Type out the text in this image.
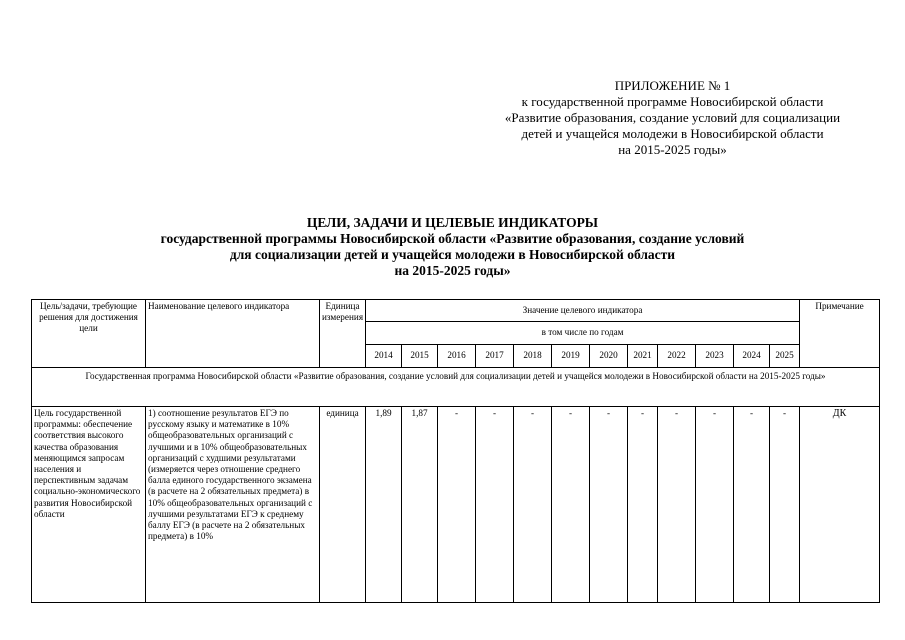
ПРИЛОЖЕНИЕ № 1
к государственной программе Новосибирской области
«Развитие образования, создание условий для социализации
детей и учащейся молодежи в Новосибирской области
на 2015-2025 годы»
ЦЕЛИ, ЗАДАЧИ И ЦЕЛЕВЫЕ ИНДИКАТОРЫ
государственной программы Новосибирской области «Развитие образования, создание условий
для социализации детей и учащейся молодежи в Новосибирской области
на 2015-2025 годы»
Цель/задачи, требующие решения для достижения цели	Наименование целевого индикатора	Единица измерения	Значение целевого индикатора												Примечание
			в том числе по годам												
			2014	2015	2016	2017	2018	2019	2020	2021	2022	2023	2024	2025	
Государственная программа Новосибирской области «Развитие образования, создание условий для социализации детей и учащейся молодежи в Новосибирской области на 2015-2025 годы»															
Цель государственной программы: обеспечение соответствия высокого качества образования меняющимся запросам населения и перспективным задачам социально-экономического развития Новосибирской области	1) соотношение результатов ЕГЭ по русскому языку и математике в 10% общеобразовательных организаций с лучшими и в 10% общеобразовательных организаций с худшими результатами (измеряется через отношение среднего балла единого государственного экзамена (в расчете на 2 обязательных предмета) в 10% общеобразовательных организаций с лучшими результатами ЕГЭ к среднему баллу ЕГЭ (в расчете на 2 обязательных предмета) в 10%	единица	1,89	1,87	-	-	-	-	-	-	-	-	-	-	ДК
